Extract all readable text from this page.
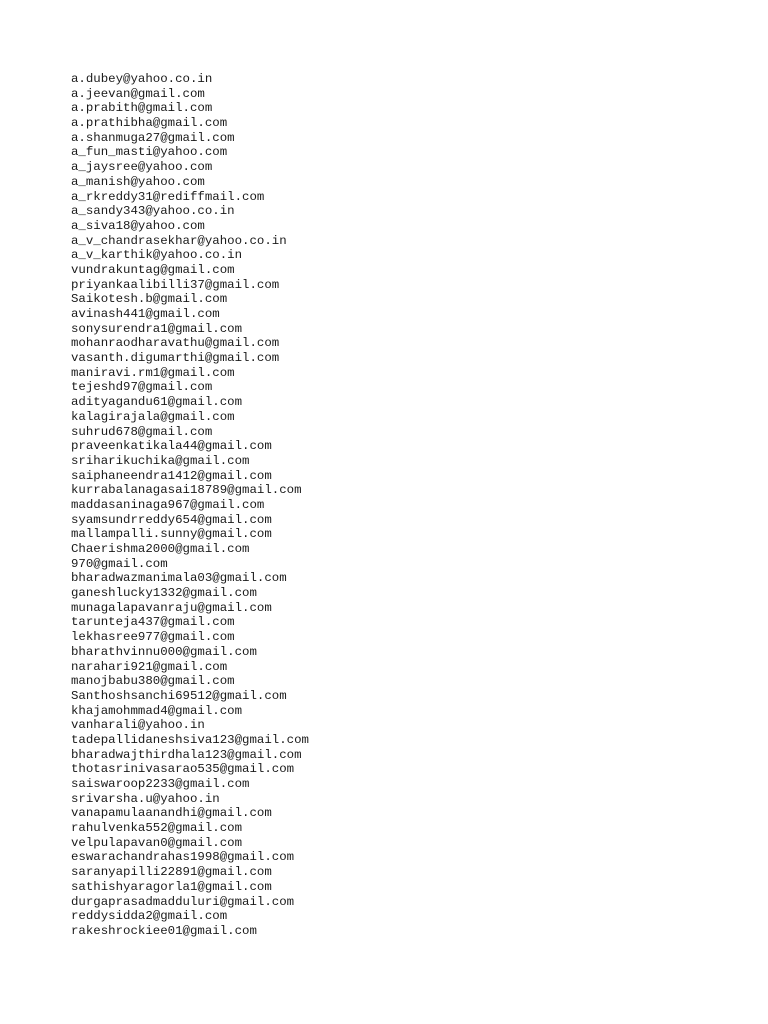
a.dubey@yahoo.co.in
a.jeevan@gmail.com
a.prabith@gmail.com
a.prathibha@gmail.com
a.shanmuga27@gmail.com
a_fun_masti@yahoo.com
a_jaysree@yahoo.com
a_manish@yahoo.com
a_rkreddy31@rediffmail.com
a_sandy343@yahoo.co.in
a_siva18@yahoo.com
a_v_chandrasekhar@yahoo.co.in
a_v_karthik@yahoo.co.in
vundrakuntag@gmail.com
priyankaalibilli37@gmail.com
Saikotesh.b@gmail.com
avinash441@gmail.com
sonysurendra1@gmail.com
mohanraodharavathu@gmail.com
vasanth.digumarthi@gmail.com
maniravi.rm1@gmail.com
tejeshd97@gmail.com
adityagandu61@gmail.com
kalagirajala@gmail.com
suhrud678@gmail.com
praveenkatikala44@gmail.com
sriharikuchika@gmail.com
saiphaneendra1412@gmail.com
kurrabalanagasai18789@gmail.com
maddasaninaga967@gmail.com
syamsundrreddy654@gmail.com
mallampalli.sunny@gmail.com
Chaerishma2000@gmail.com
970@gmail.com
bharadwazmanimala03@gmail.com
ganeshlucky1332@gmail.com
munagalapavanraju@gmail.com
tarunteja437@gmail.com
lekhasree977@gmail.com
bharathvinnu000@gmail.com
narahari921@gmail.com
manojbabu380@gmail.com
Santhoshsanchi69512@gmail.com
khajamohmmad4@gmail.com
vanharali@yahoo.in
tadepallidaneshsiva123@gmail.com
bharadwajthirdhala123@gmail.com
thotasrinivasarao535@gmail.com
saiswaroop2233@gmail.com
srivarsha.u@yahoo.in
vanapamulaanandhi@gmail.com
rahulvenka552@gmail.com
velpulapavan0@gmail.com
eswarachandrahas1998@gmail.com
saranyapilli22891@gmail.com
sathishyaragorla1@gmail.com
durgaprasadmadduluri@gmail.com
reddysidda2@gmail.com
rakeshrockiee01@gmail.com
